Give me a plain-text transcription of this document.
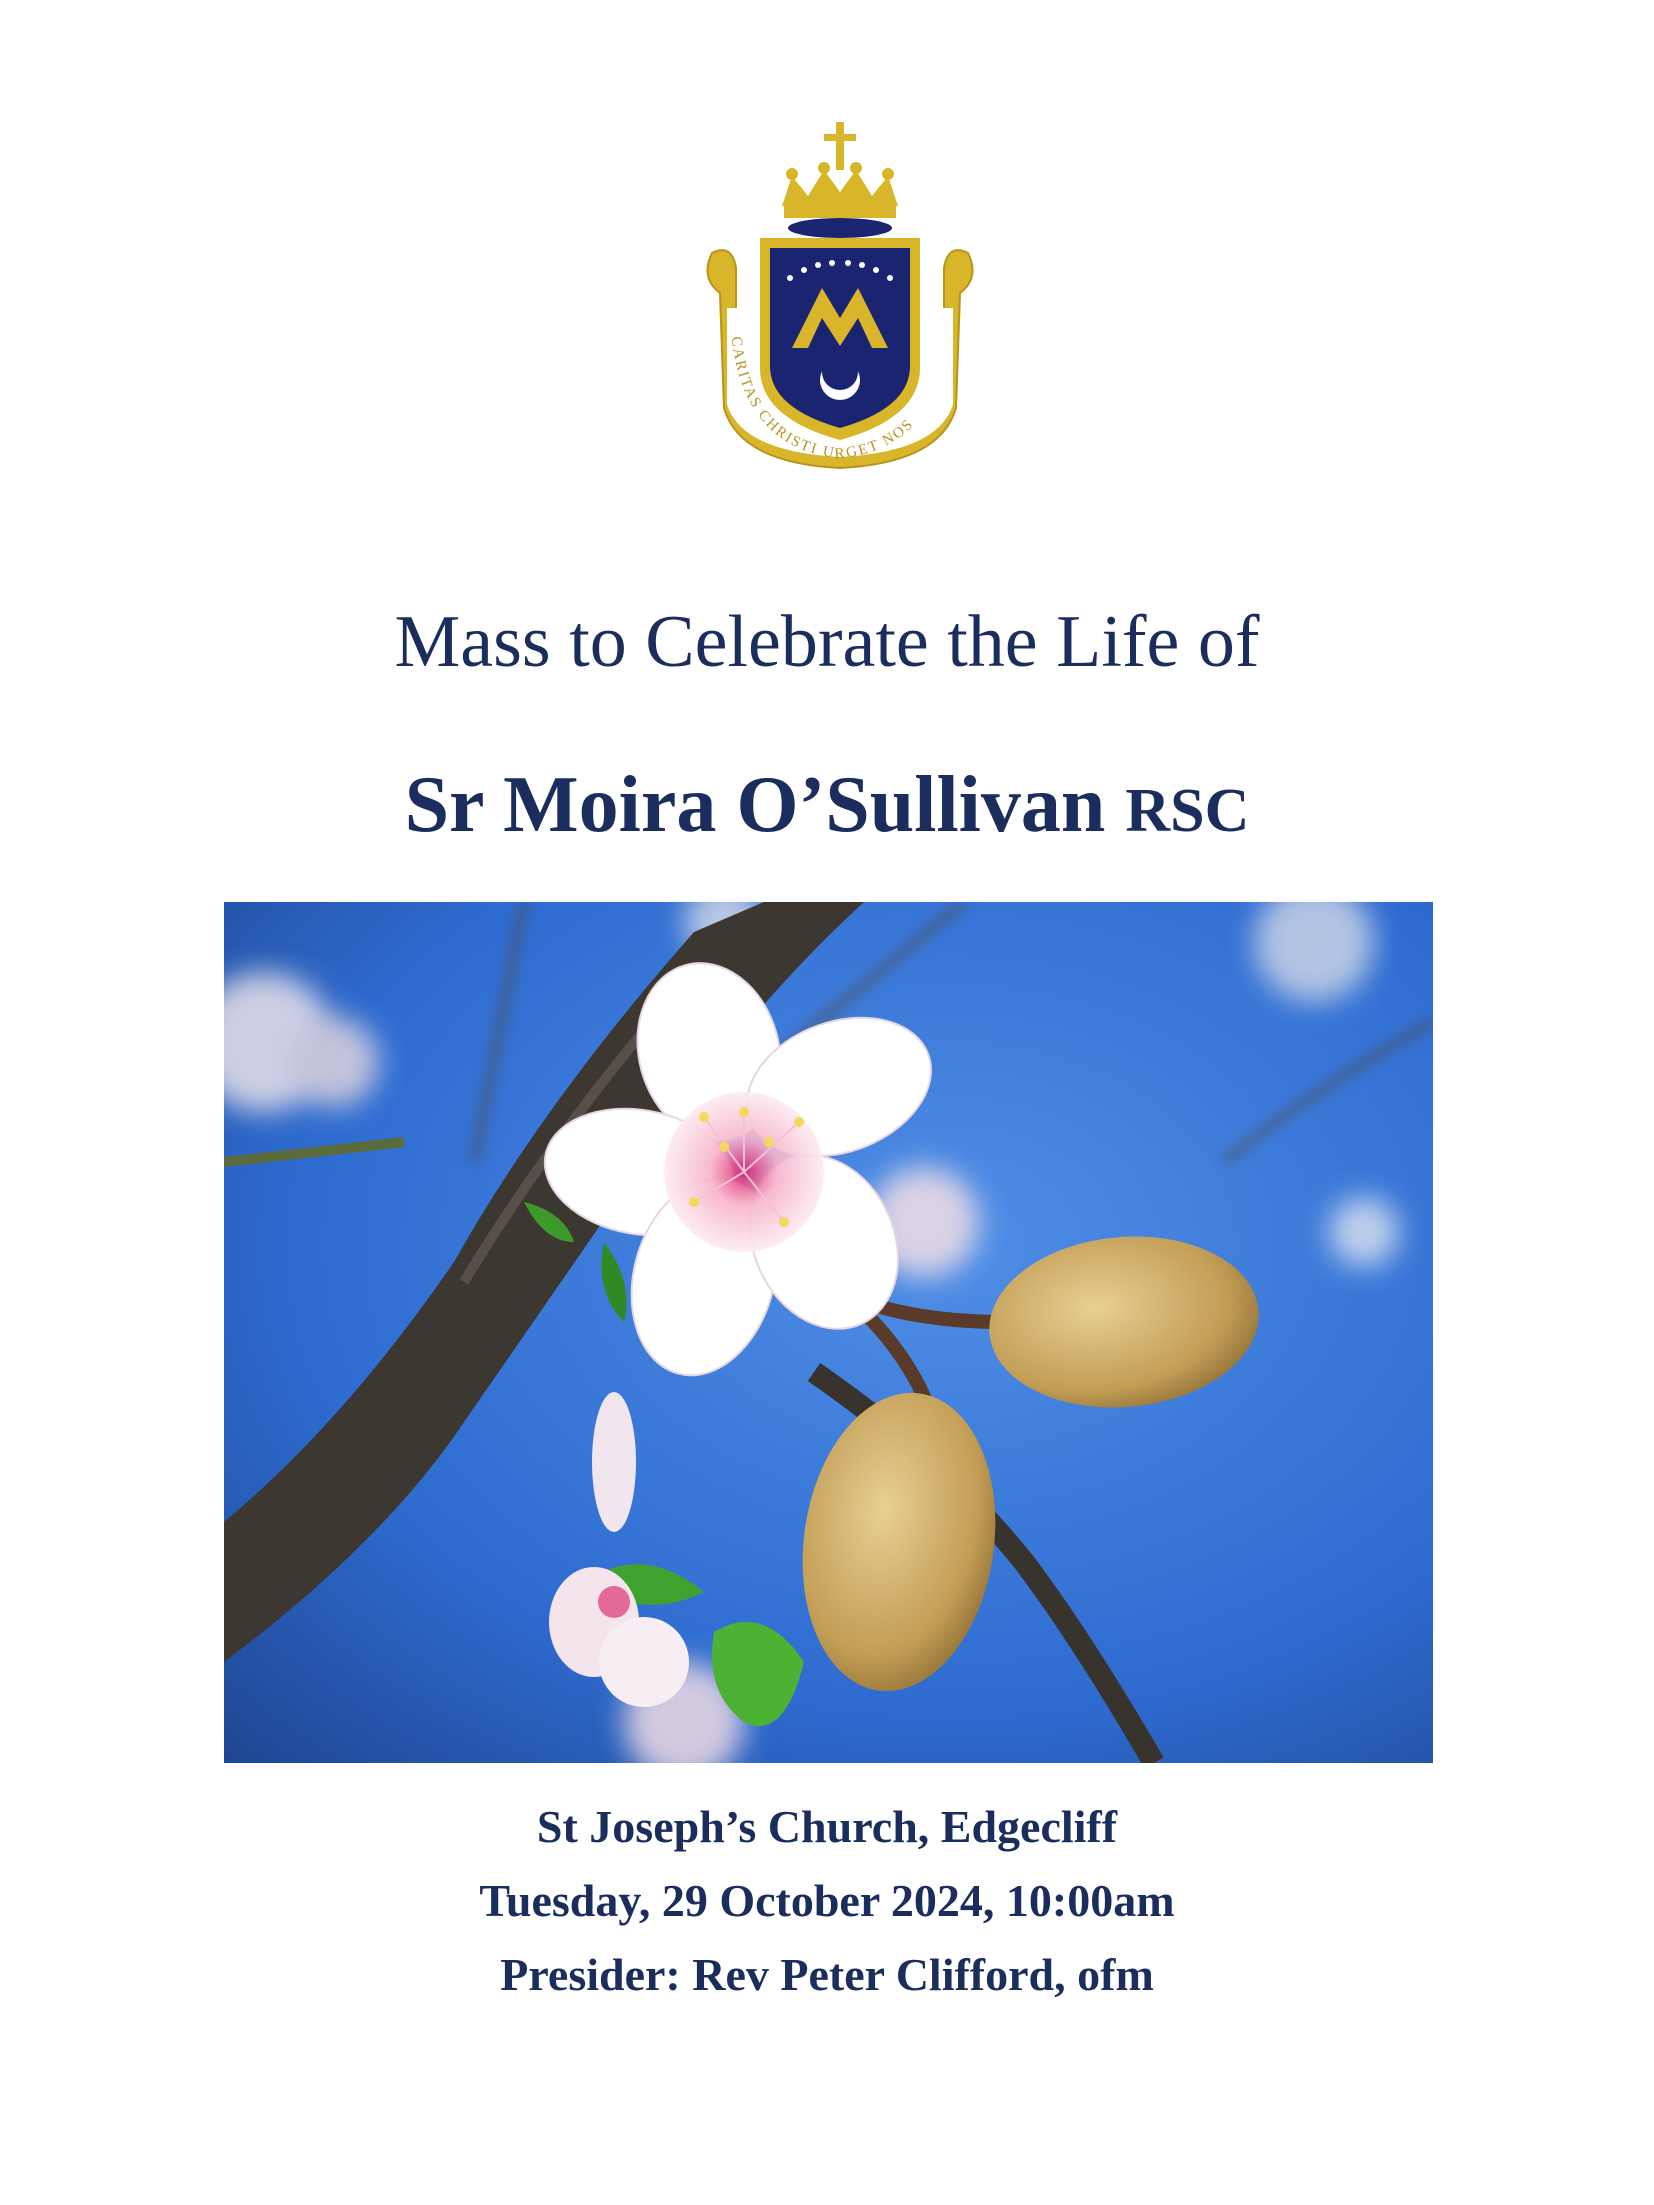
CARITAS CHRISTI URGET NOS
Mass to Celebrate the Life of
Sr Moira O’Sullivan RSC
St Joseph’s Church, Edgecliff
Tuesday, 29 October 2024, 10:00am
Presider: Rev Peter Clifford, ofm
